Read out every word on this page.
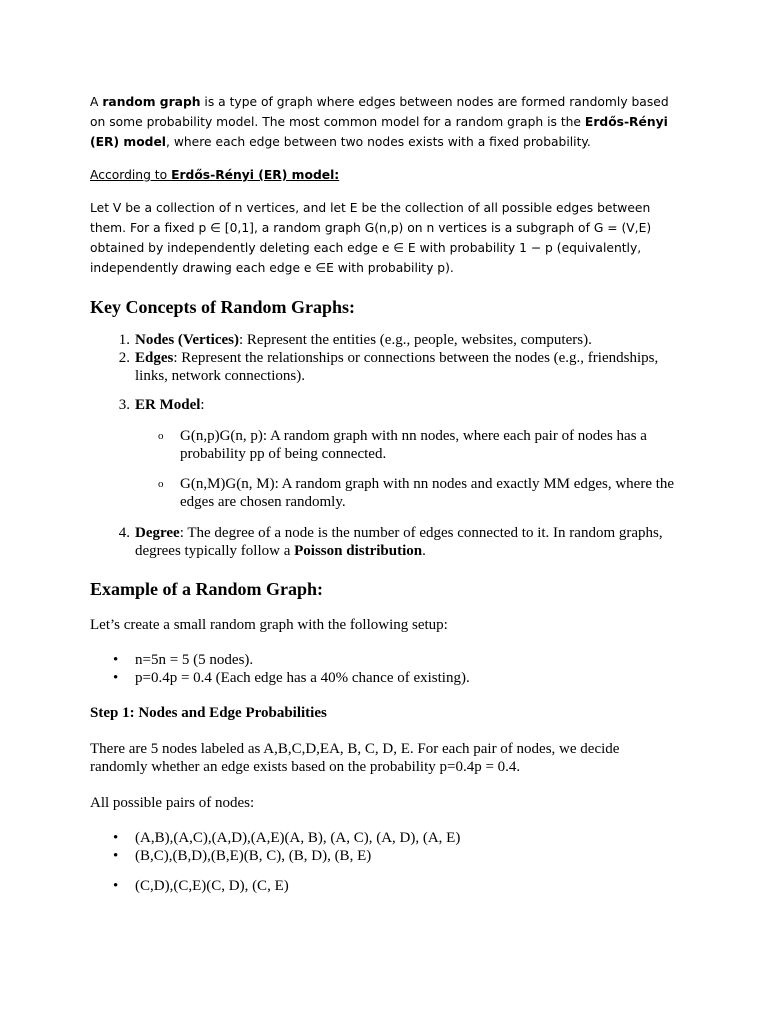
A random graph is a type of graph where edges between nodes are formed randomly based on some probability model. The most common model for a random graph is the Erdős-Rényi (ER) model, where each edge between two nodes exists with a fixed probability.

According to Erdős-Rényi (ER) model:

Let V be a collection of n vertices, and let E be the collection of all possible edges between them. For a fixed p ∈ [0,1], a random graph G(n,p) on n vertices is a subgraph of G = (V,E) obtained by independently deleting each edge e ∈ E with probability 1 − p (equivalently, independently drawing each edge e ∈E with probability p).

Key Concepts of Random Graphs:
1. Nodes (Vertices): Represent the entities (e.g., people, websites, computers).
2. Edges: Represent the relationships or connections between the nodes (e.g., friendships, links, network connections).
3. ER Model:
o G(n,p)G(n, p): A random graph with nn nodes, where each pair of nodes has a probability pp of being connected.
o G(n,M)G(n, M): A random graph with nn nodes and exactly MM edges, where the edges are chosen randomly.
4. Degree: The degree of a node is the number of edges connected to it. In random graphs, degrees typically follow a Poisson distribution.
Example of a Random Graph:

Let’s create a small random graph with the following setup:

• n=5n = 5 (5 nodes).
• p=0.4p = 0.4 (Each edge has a 40% chance of existing).

Step 1: Nodes and Edge Probabilities

There are 5 nodes labeled as A,B,C,D,EA, B, C, D, E. For each pair of nodes, we decide randomly whether an edge exists based on the probability p=0.4p = 0.4.

All possible pairs of nodes:

• (A,B),(A,C),(A,D),(A,E)(A, B), (A, C), (A, D), (A, E)
• (B,C),(B,D),(B,E)(B, C), (B, D), (B, E)
• (C,D),(C,E)(C, D), (C, E)
